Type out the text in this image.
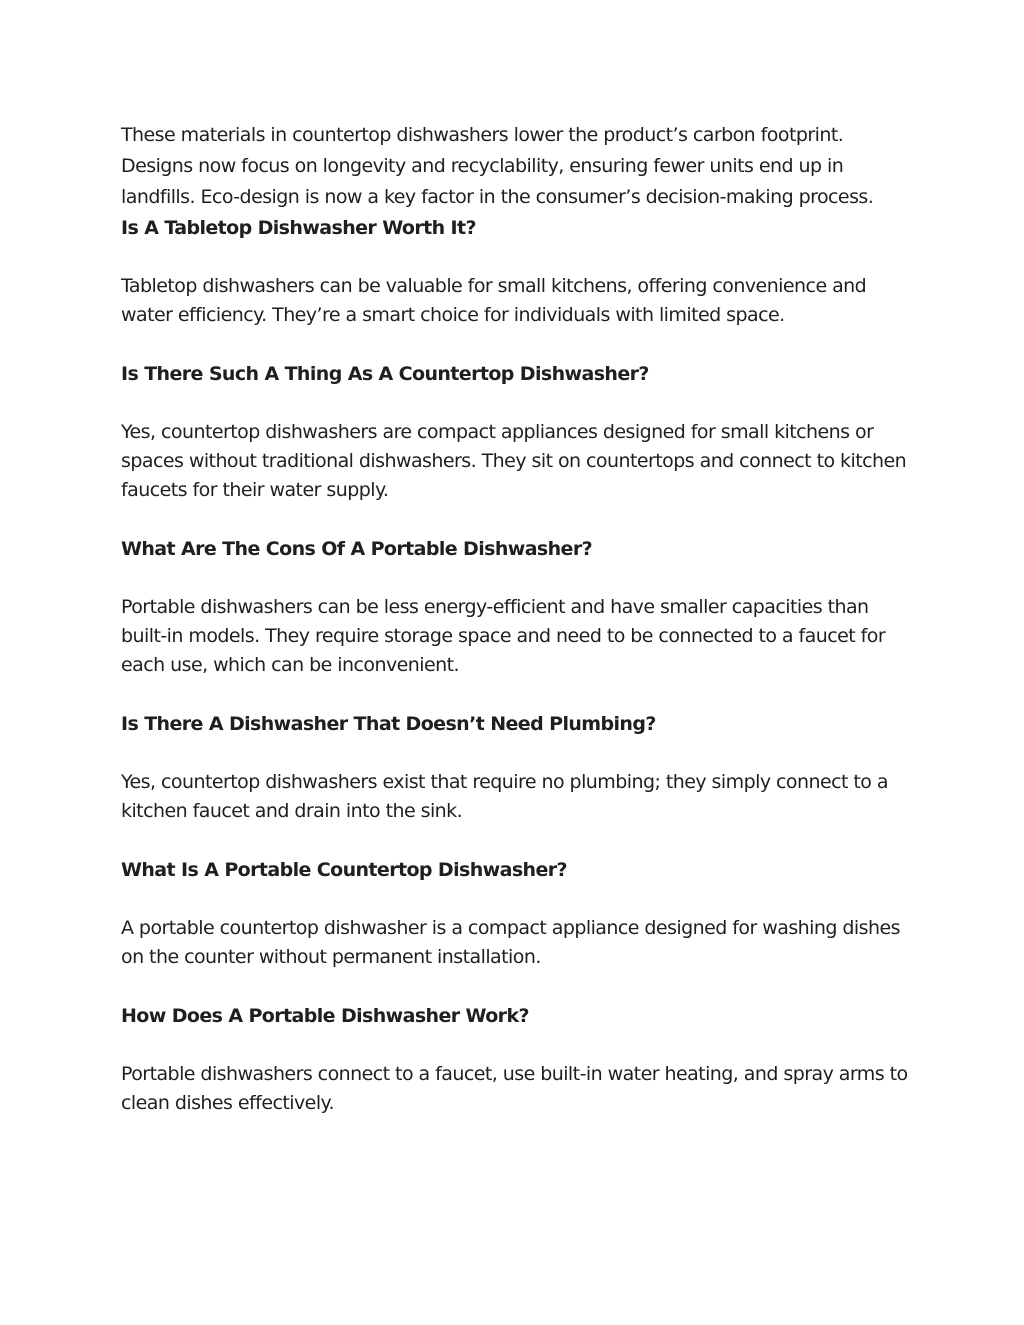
These materials in countertop dishwashers lower the product’s carbon footprint. Designs now focus on longevity and recyclability, ensuring fewer units end up in landfills. Eco-design is now a key factor in the consumer’s decision-making process.

Is A Tabletop Dishwasher Worth It?

Tabletop dishwashers can be valuable for small kitchens, offering convenience and water efficiency. They’re a smart choice for individuals with limited space.

Is There Such A Thing As A Countertop Dishwasher?

Yes, countertop dishwashers are compact appliances designed for small kitchens or spaces without traditional dishwashers. They sit on countertops and connect to kitchen faucets for their water supply.

What Are The Cons Of A Portable Dishwasher?

Portable dishwashers can be less energy-efficient and have smaller capacities than built-in models. They require storage space and need to be connected to a faucet for each use, which can be inconvenient.

Is There A Dishwasher That Doesn’t Need Plumbing?

Yes, countertop dishwashers exist that require no plumbing; they simply connect to a kitchen faucet and drain into the sink.

What Is A Portable Countertop Dishwasher?

A portable countertop dishwasher is a compact appliance designed for washing dishes on the counter without permanent installation.

How Does A Portable Dishwasher Work?

Portable dishwashers connect to a faucet, use built-in water heating, and spray arms to clean dishes effectively.
